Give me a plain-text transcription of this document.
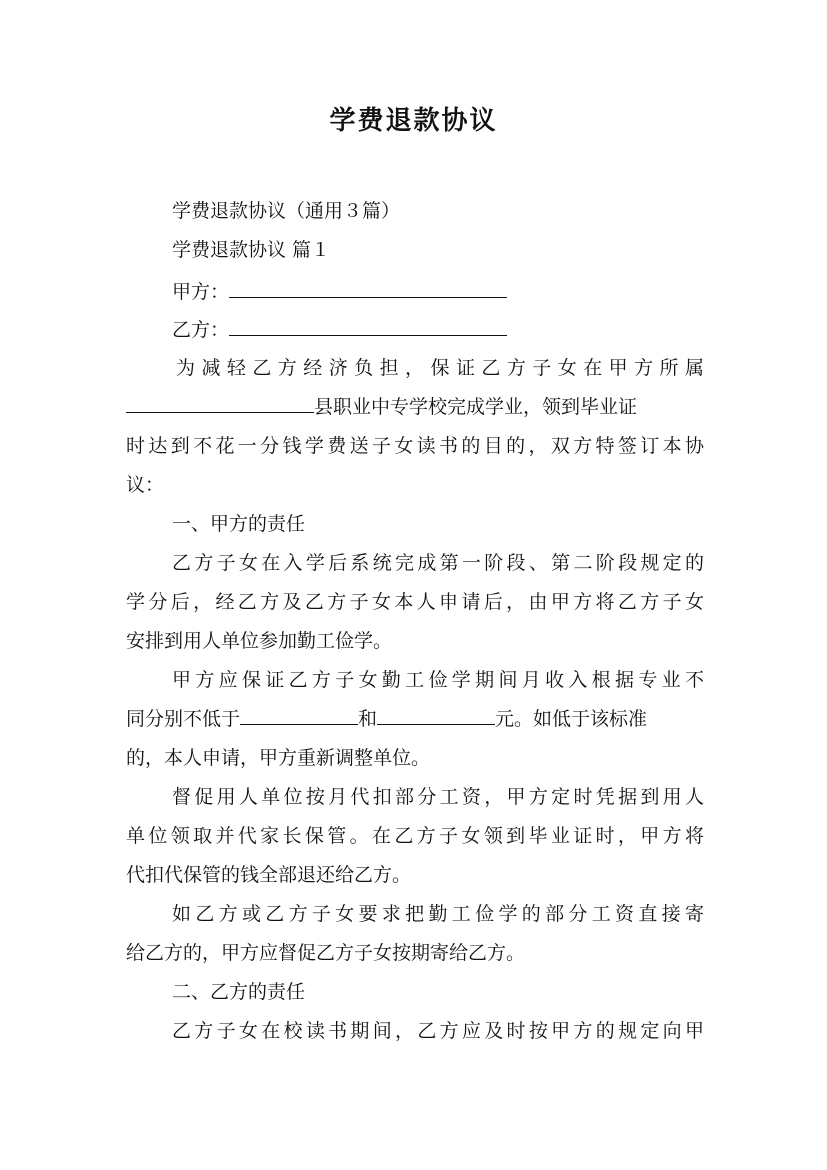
学费退款协议
学费退款协议（通用３篇）
学费退款协议 篇１
甲方：
乙方：
为减轻乙方经济负担，保证乙方子女在甲方所属
县职业中专学校完成学业，领到毕业证
时达到不花一分钱学费送子女读书的目的，双方特签订本协
议：
一、甲方的责任
乙方子女在入学后系统完成第一阶段、第二阶段规定的
学分后，经乙方及乙方子女本人申请后，由甲方将乙方子女
安排到用人单位参加勤工俭学。
甲方应保证乙方子女勤工俭学期间月收入根据专业不
同分别不低于	和	元。如低于该标准
的，本人申请，甲方重新调整单位。
督促用人单位按月代扣部分工资，甲方定时凭据到用人
单位领取并代家长保管。在乙方子女领到毕业证时，甲方将
代扣代保管的钱全部退还给乙方。
如乙方或乙方子女要求把勤工俭学的部分工资直接寄
给乙方的，甲方应督促乙方子女按期寄给乙方。
二、乙方的责任
乙方子女在校读书期间，乙方应及时按甲方的规定向甲
